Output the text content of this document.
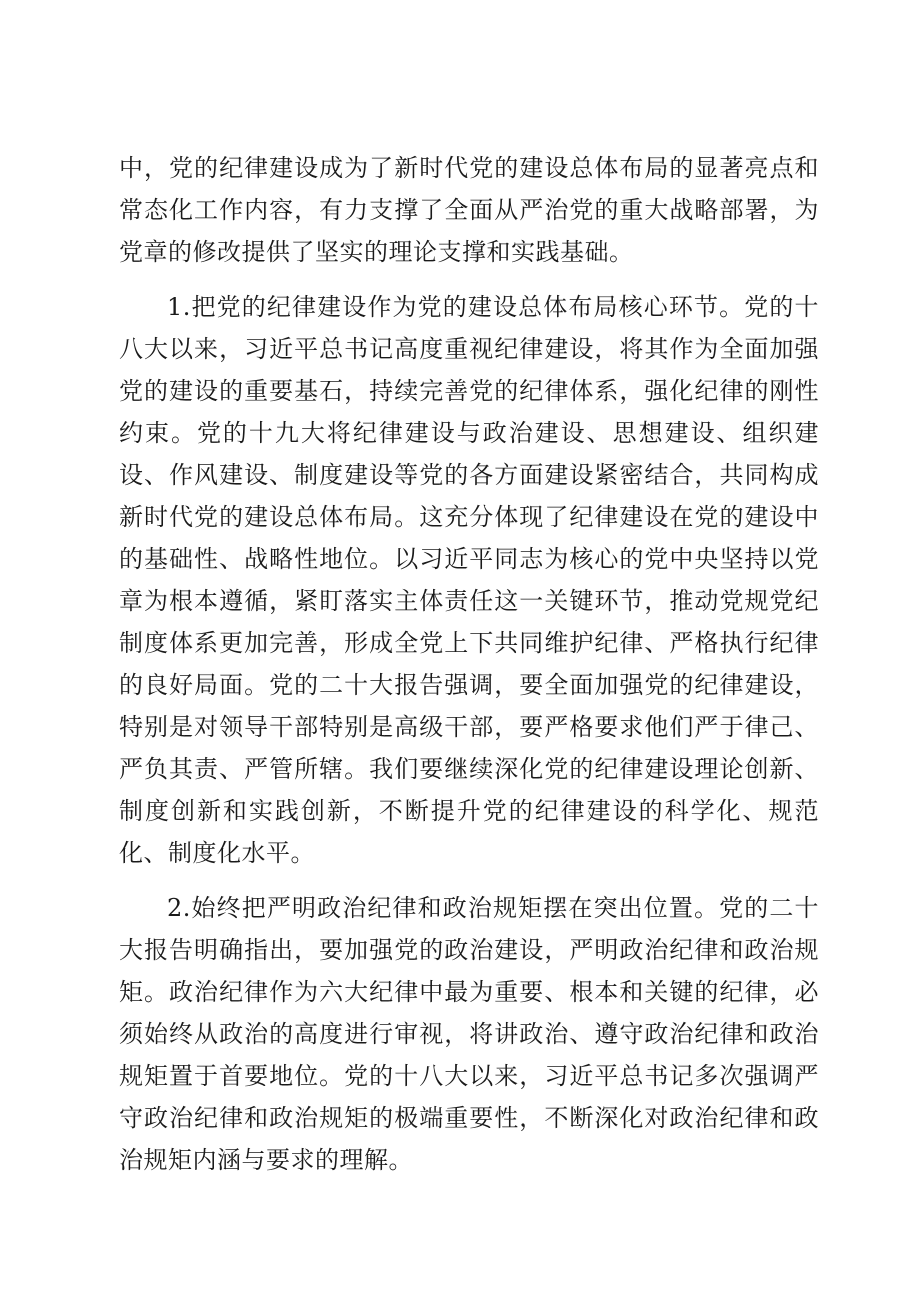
中，党的纪律建设成为了新时代党的建设总体布局的显著亮点和常态化工作内容，有力支撑了全面从严治党的重大战略部署，为党章的修改提供了坚实的理论支撑和实践基础。

1.把党的纪律建设作为党的建设总体布局核心环节。党的十八大以来，习近平总书记高度重视纪律建设，将其作为全面加强党的建设的重要基石，持续完善党的纪律体系，强化纪律的刚性约束。党的十九大将纪律建设与政治建设、思想建设、组织建设、作风建设、制度建设等党的各方面建设紧密结合，共同构成新时代党的建设总体布局。这充分体现了纪律建设在党的建设中的基础性、战略性地位。以习近平同志为核心的党中央坚持以党章为根本遵循，紧盯落实主体责任这一关键环节，推动党规党纪制度体系更加完善，形成全党上下共同维护纪律、严格执行纪律的良好局面。党的二十大报告强调，要全面加强党的纪律建设，特别是对领导干部特别是高级干部，要严格要求他们严于律己、严负其责、严管所辖。我们要继续深化党的纪律建设理论创新、制度创新和实践创新，不断提升党的纪律建设的科学化、规范化、制度化水平。

2.始终把严明政治纪律和政治规矩摆在突出位置。党的二十大报告明确指出，要加强党的政治建设，严明政治纪律和政治规矩。政治纪律作为六大纪律中最为重要、根本和关键的纪律，必须始终从政治的高度进行审视，将讲政治、遵守政治纪律和政治规矩置于首要地位。党的十八大以来，习近平总书记多次强调严守政治纪律和政治规矩的极端重要性，不断深化对政治纪律和政治规矩内涵与要求的理解。
